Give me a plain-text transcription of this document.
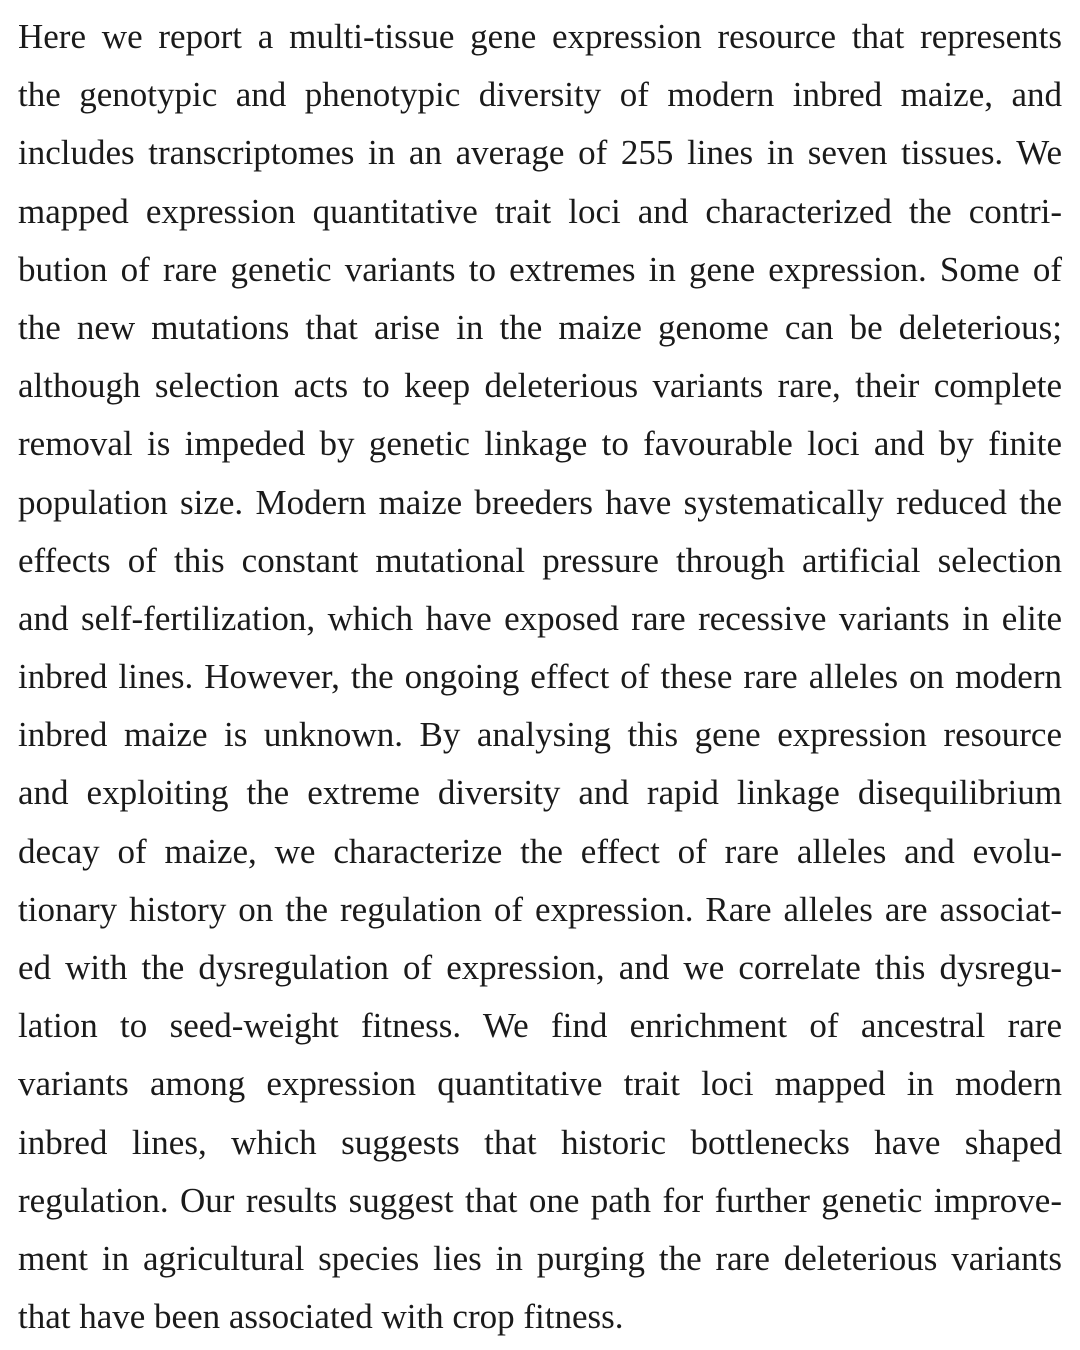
Here we report a multi-tissue gene expression resource that represents
the genotypic and phenotypic diversity of modern inbred maize, and
includes transcriptomes in an average of 255 lines in seven tissues. We
mapped expression quantitative trait loci and characterized the contri-
bution of rare genetic variants to extremes in gene expression. Some of
the new mutations that arise in the maize genome can be deleterious;
although selection acts to keep deleterious variants rare, their complete
removal is impeded by genetic linkage to favourable loci and by finite
population size. Modern maize breeders have systematically reduced the
effects of this constant mutational pressure through artificial selection
and self-fertilization, which have exposed rare recessive variants in elite
inbred lines. However, the ongoing effect of these rare alleles on modern
inbred maize is unknown. By analysing this gene expression resource
and exploiting the extreme diversity and rapid linkage disequilibrium
decay of maize, we characterize the effect of rare alleles and evolu-
tionary history on the regulation of expression. Rare alleles are associat-
ed with the dysregulation of expression, and we correlate this dysregu-
lation to seed-weight fitness. We find enrichment of ancestral rare
variants among expression quantitative trait loci mapped in modern
inbred lines, which suggests that historic bottlenecks have shaped
regulation. Our results suggest that one path for further genetic improve-
ment in agricultural species lies in purging the rare deleterious variants
that have been associated with crop fitness.
